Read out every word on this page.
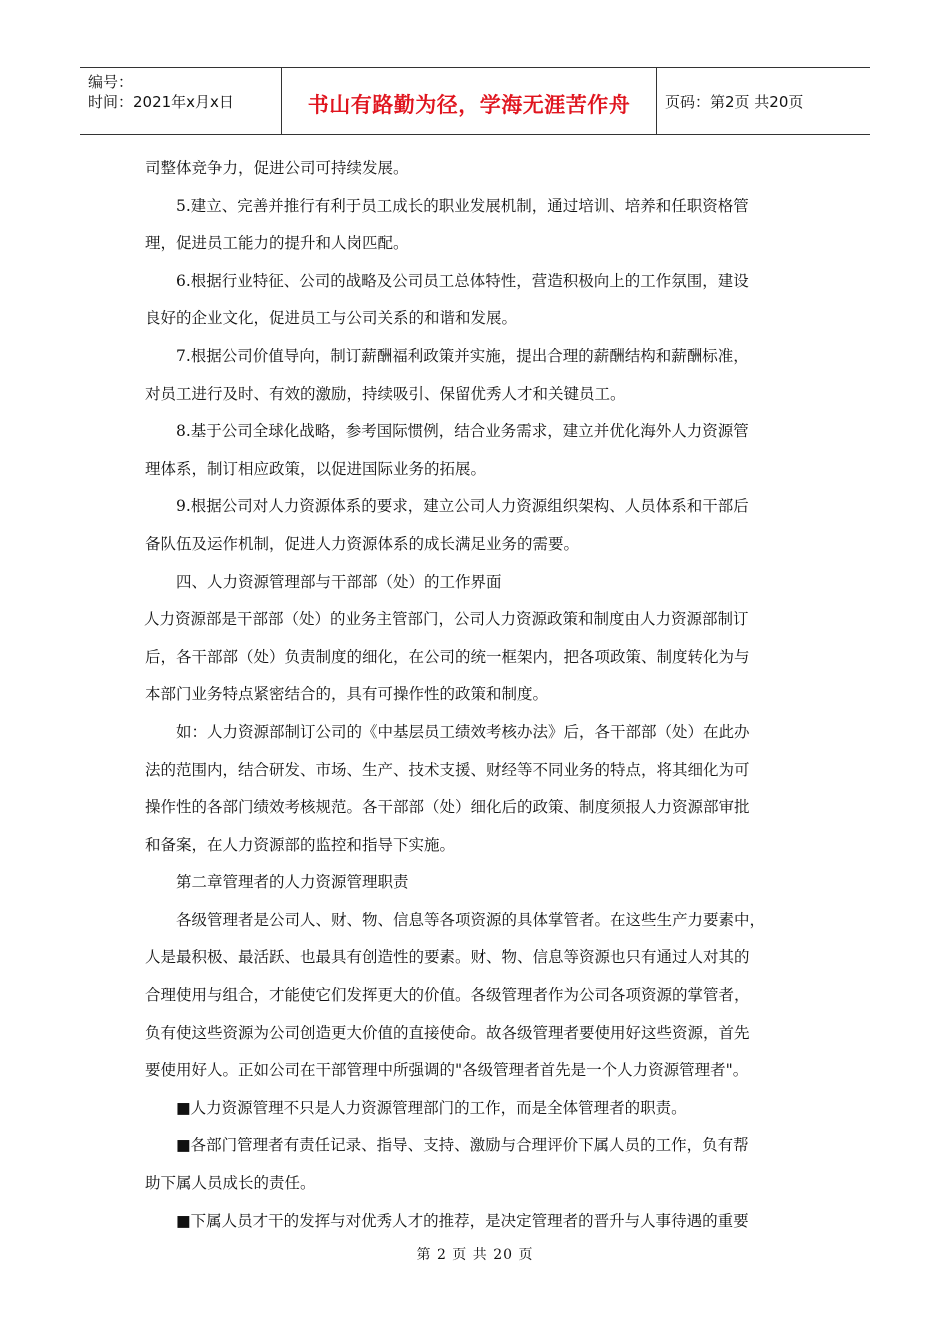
编号：
时间：2021年x月x日	书山有路勤为径，学海无涯苦作舟 页码：第2页 共20页

司整体竞争力，促进公司可持续发展。

5.建立、完善并推行有利于员工成长的职业发展机制，通过培训、培养和任职资格管

理，促进员工能力的提升和人岗匹配。

6.根据行业特征、公司的战略及公司员工总体特性，营造积极向上的工作氛围，建设

良好的企业文化，促进员工与公司关系的和谐和发展。

7.根据公司价值导向，制订薪酬福利政策并实施，提出合理的薪酬结构和薪酬标准，

对员工进行及时、有效的激励，持续吸引、保留优秀人才和关键员工。

8.基于公司全球化战略，参考国际惯例，结合业务需求，建立并优化海外人力资源管

理体系，制订相应政策，以促进国际业务的拓展。

9.根据公司对人力资源体系的要求，建立公司人力资源组织架构、人员体系和干部后

备队伍及运作机制，促进人力资源体系的成长满足业务的需要。

四、人力资源管理部与干部部（处）的工作界面

人力资源部是干部部（处）的业务主管部门，公司人力资源政策和制度由人力资源部制订

后，各干部部（处）负责制度的细化，在公司的统一框架内，把各项政策、制度转化为与

本部门业务特点紧密结合的，具有可操作性的政策和制度。

如：人力资源部制订公司的《中基层员工绩效考核办法》后，各干部部（处）在此办

法的范围内，结合研发、市场、生产、技术支援、财经等不同业务的特点，将其细化为可

操作性的各部门绩效考核规范。各干部部（处）细化后的政策、制度须报人力资源部审批

和备案，在人力资源部的监控和指导下实施。

第二章管理者的人力资源管理职责

各级管理者是公司人、财、物、信息等各项资源的具体掌管者。在这些生产力要素中，

人是最积极、最活跃、也最具有创造性的要素。财、物、信息等资源也只有通过人对其的

合理使用与组合，才能使它们发挥更大的价值。各级管理者作为公司各项资源的掌管者，

负有使这些资源为公司创造更大价值的直接使命。故各级管理者要使用好这些资源，首先

要使用好人。正如公司在干部管理中所强调的"各级管理者首先是一个人力资源管理者"。

■人力资源管理不只是人力资源管理部门的工作，而是全体管理者的职责。

■各部门管理者有责任记录、指导、支持、激励与合理评价下属人员的工作，负有帮

助下属人员成长的责任。

■下属人员才干的发挥与对优秀人才的推荐，是决定管理者的晋升与人事待遇的重要

第 2 页 共 20 页
